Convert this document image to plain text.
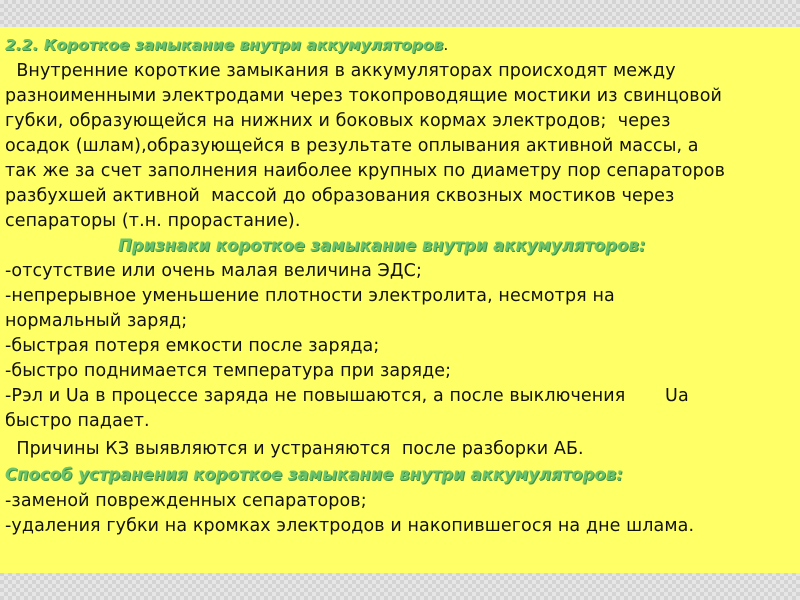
2.2. Короткое замыкание внутри аккумуляторов.
Внутренние короткие замыкания в аккумуляторах происходят между
разноименными электродами через токопроводящие мостики из свинцовой
губки, образующейся на нижних и боковых кормах электродов;  через
осадок (шлам),образующейся в результате оплывания активной массы, а
так же за счет заполнения наиболее крупных по диаметру пор сепараторов
разбухшей активной  массой до образования сквозных мостиков через
сепараторы (т.н. прорастание).
Признаки короткое замыкание внутри аккумуляторов:
-отсутствие или очень малая величина ЭДС;
-непрерывное уменьшение плотности электролита, несмотря на
нормальный заряд;
-быстрая потеря емкости после заряда;
-быстро поднимается температура при заряде;
-Рэл и Ua в процессе заряда не повышаются, а после выключения       Ua
быстро падает.
Причины КЗ выявляются и устраняются  после разборки АБ.
Способ устранения короткое замыкание внутри аккумуляторов:
-заменой поврежденных сепараторов;
-удаления губки на кромках электродов и накопившегося на дне шлама.
